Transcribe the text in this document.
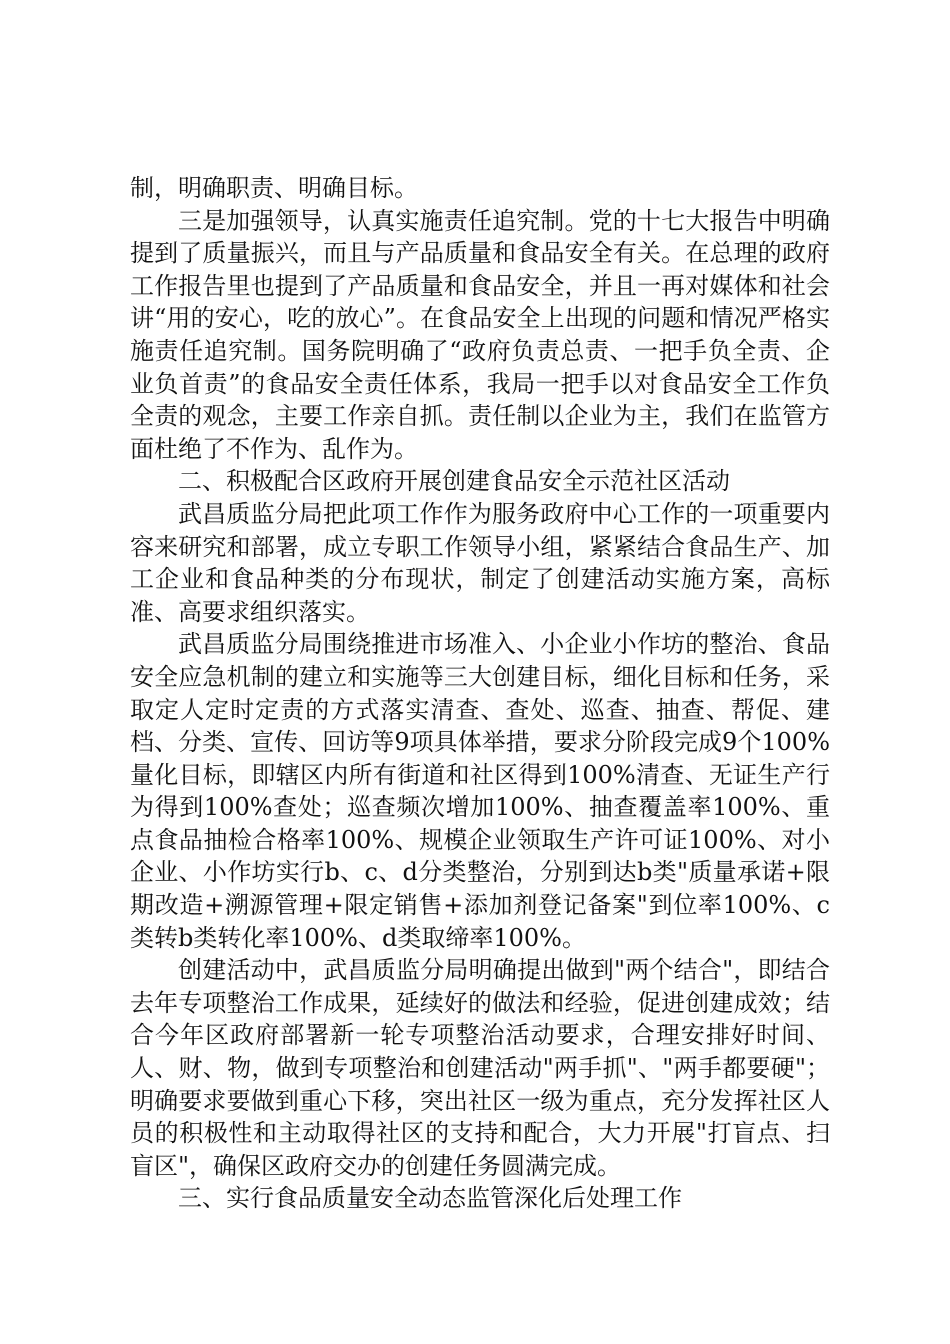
制，明确职责、明确目标。

三是加强领导，认真实施责任追究制。党的十七大报告中明确提到了质量振兴，而且与产品质量和食品安全有关。在总理的政府工作报告里也提到了产品质量和食品安全，并且一再对媒体和社会讲“用的安心，吃的放心”。在食品安全上出现的问题和情况严格实施责任追究制。国务院明确了“政府负责总责、一把手负全责、企业负首责”的食品安全责任体系，我局一把手以对食品安全工作负全责的观念，主要工作亲自抓。责任制以企业为主，我们在监管方面杜绝了不作为、乱作为。

二、积极配合区政府开展创建食品安全示范社区活动

武昌质监分局把此项工作作为服务政府中心工作的一项重要内容来研究和部署，成立专职工作领导小组，紧紧结合食品生产、加工企业和食品种类的分布现状，制定了创建活动实施方案，高标准、高要求组织落实。

武昌质监分局围绕推进市场准入、小企业小作坊的整治、食品安全应急机制的建立和实施等三大创建目标，细化目标和任务，采取定人定时定责的方式落实清查、查处、巡查、抽查、帮促、建档、分类、宣传、回访等9项具体举措，要求分阶段完成9个100%量化目标，即辖区内所有街道和社区得到100%清查、无证生产行为得到100%查处；巡查频次增加100%、抽查覆盖率100%、重点食品抽检合格率100%、规模企业领取生产许可证100%、对小企业、小作坊实行b、c、d分类整治，分别到达b类"质量承诺+限期改造+溯源管理+限定销售+添加剂登记备案"到位率100%、c类转b类转化率100%、d类取缔率100%。

创建活动中，武昌质监分局明确提出做到"两个结合"，即结合去年专项整治工作成果，延续好的做法和经验，促进创建成效；结合今年区政府部署新一轮专项整治活动要求，合理安排好时间、人、财、物，做到专项整治和创建活动"两手抓"、"两手都要硬"；明确要求要做到重心下移，突出社区一级为重点，充分发挥社区人员的积极性和主动取得社区的支持和配合，大力开展"打盲点、扫盲区"，确保区政府交办的创建任务圆满完成。

三、实行食品质量安全动态监管深化后处理工作
